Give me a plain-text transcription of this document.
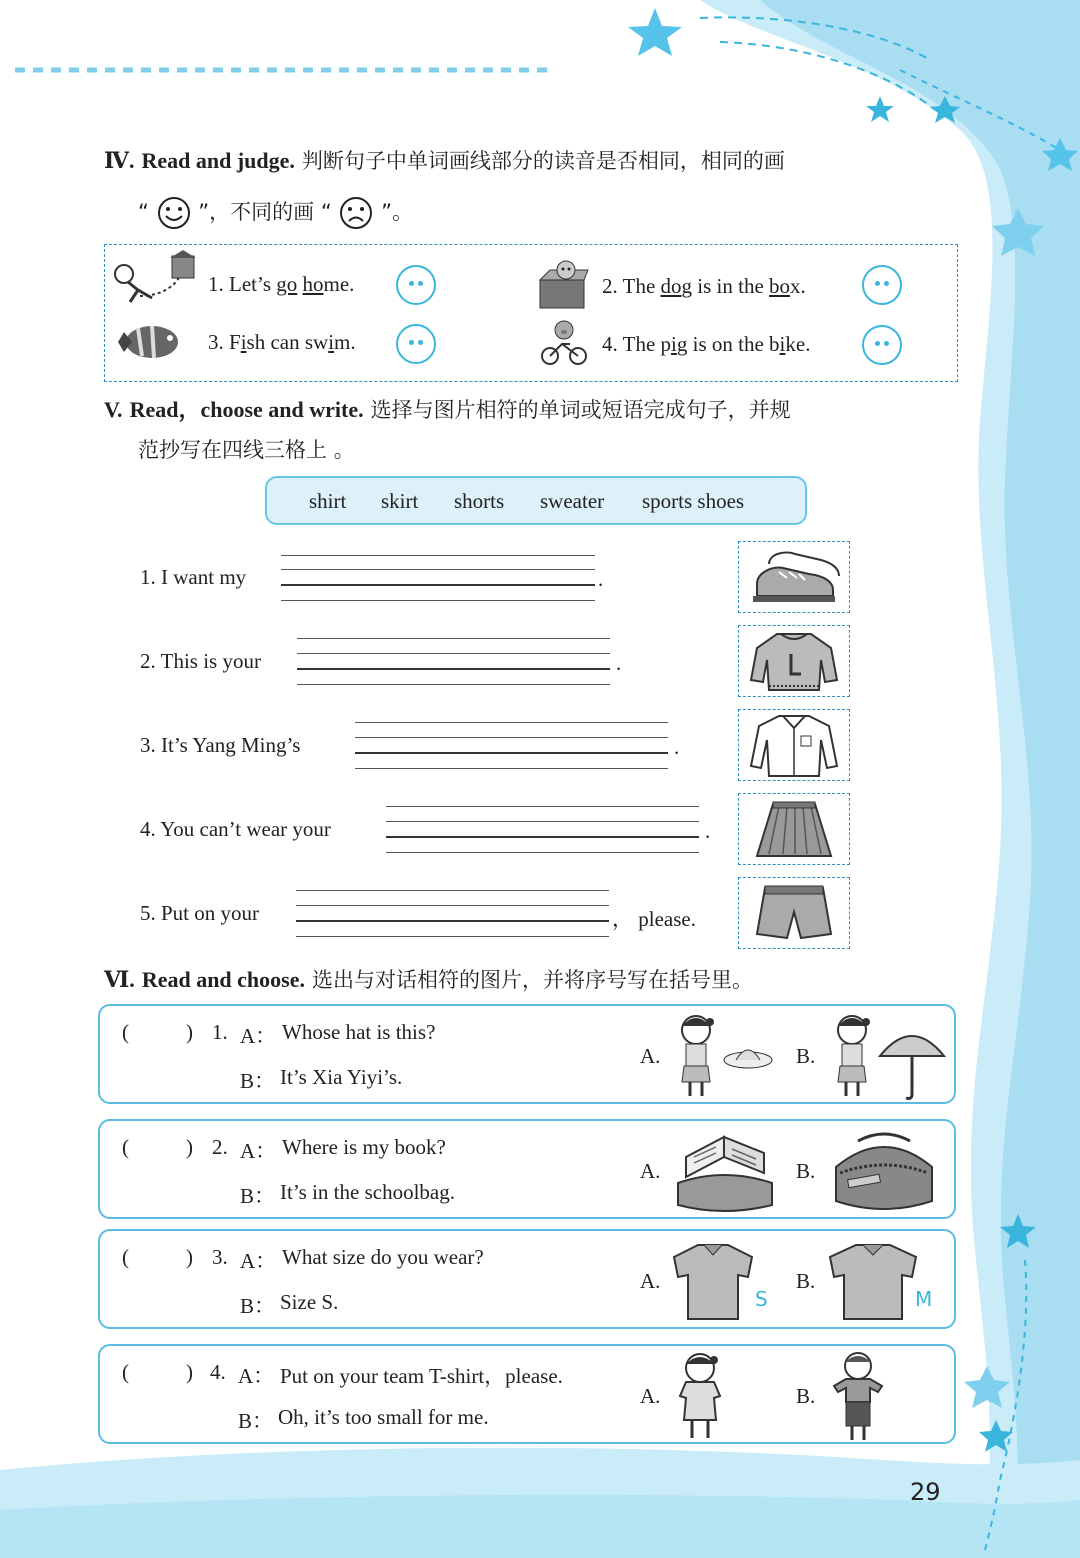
Ⅳ. Read and judge. 判断句子中单词画线部分的读音是否相同，相同的画
“ ”，不同的画 “ ”。
1. Let’s go home.	2. The dog is in the box.
3. Fish can swim.	4. The pig is on the bike.
V. Read，choose and write. 选择与图片相符的单词或短语完成句子，并规
范抄写在四线三格上 。
shirt skirt shorts sweater sports shoes
1. I want my	.
2. This is your	.
3. It’s Yang Ming’s	.
4. You can’t wear your	.
5. Put on your	， please.
Ⅵ. Read and choose. 选出与对话相符的图片，并将序号写在括号里。
(	) 1. A： Whose hat is this?
B： It’s Xia Yiyi’s.
A.	B.
(	) 2. A： Where is my book?
B： It’s in the schoolbag.
A.	B.
(	) 3. A： What size do you wear?
B： Size S.
A.	B.
S	M
(	) 4. A： Put on your team T-shirt，please.
B： Oh, it’s too small for me.
A.	B.
29
